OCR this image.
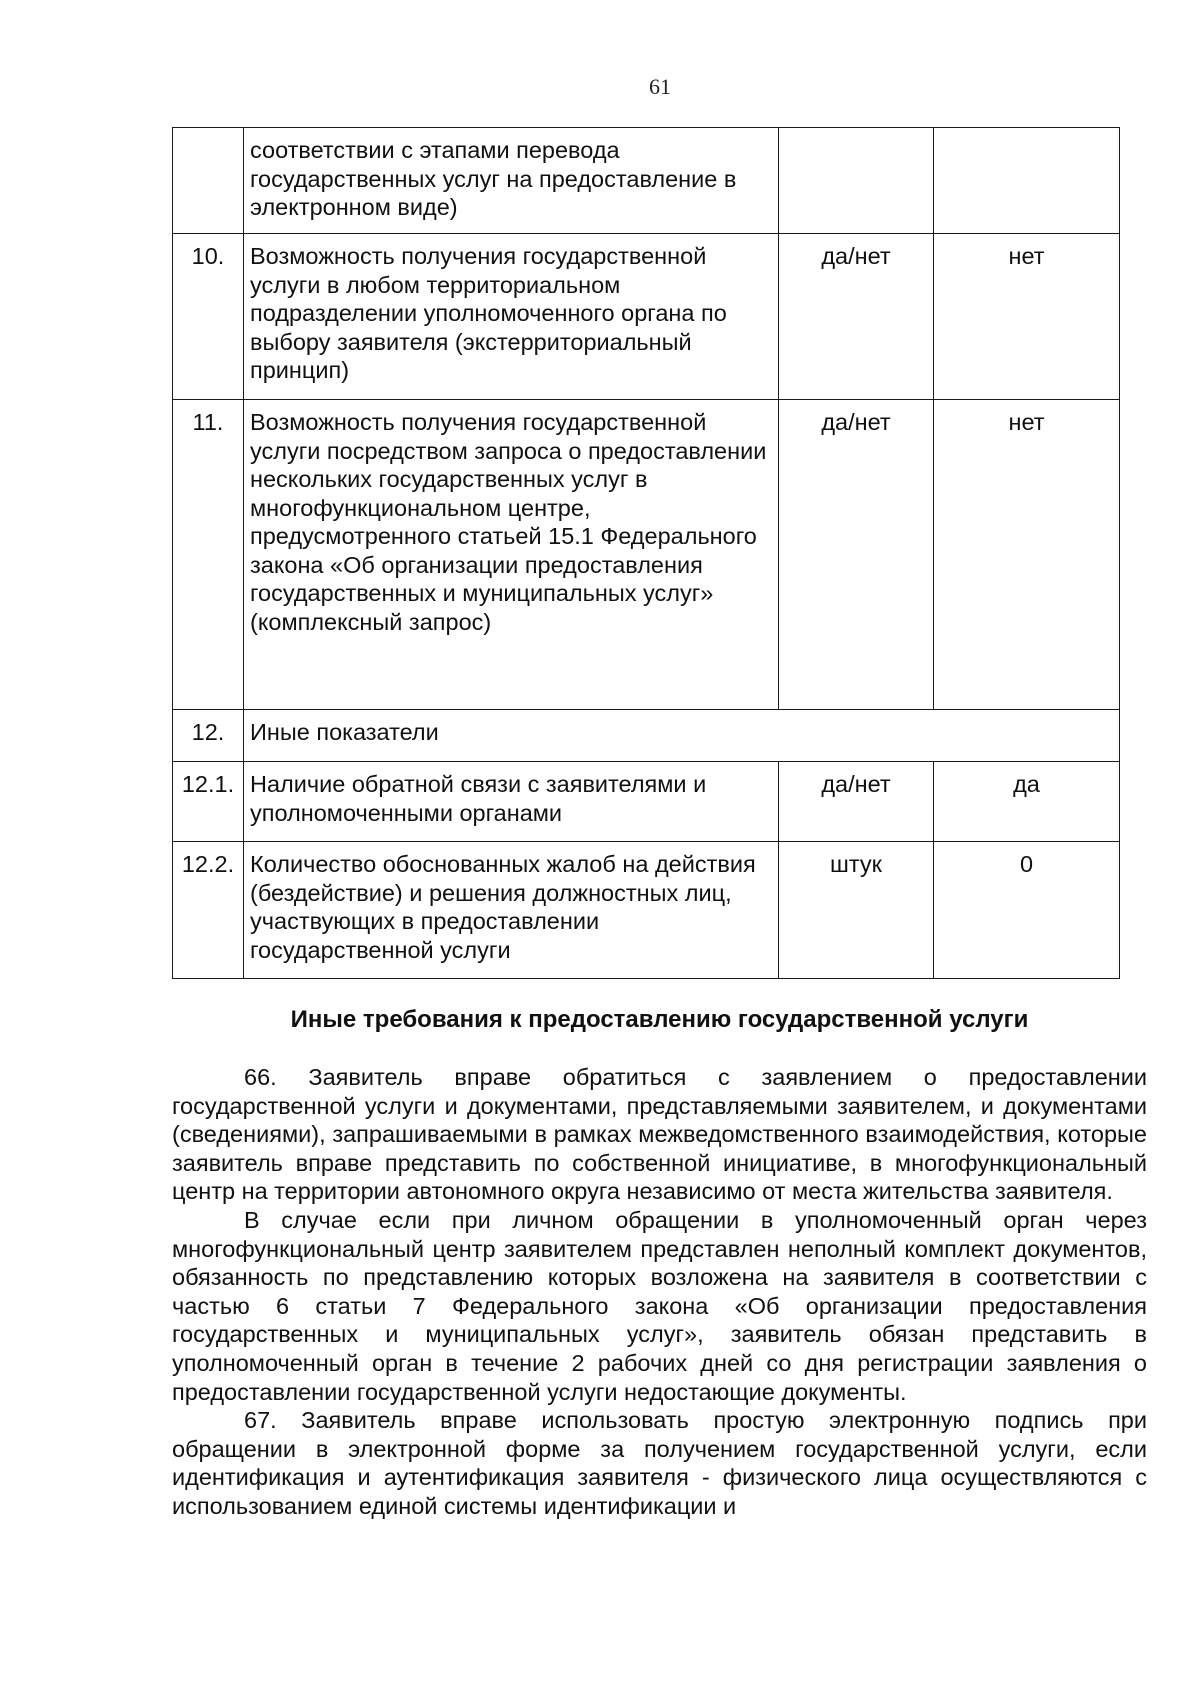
61
	соответствии с этапами перевода государственных услуг на предоставление в электронном виде)		
10.	Возможность получения государственной услуги в любом территориальном подразделении уполномоченного органа по выбору заявителя (экстерриториальный принцип)	да/нет	нет
11.	Возможность получения государственной услуги посредством запроса о предоставлении нескольких государственных услуг в многофункциональном центре, предусмотренного статьей 15.1 Федерального закона «Об организации предоставления государственных и муниципальных услуг» (комплексный запрос)	да/нет	нет
12.	Иные показатели		
12.1.	Наличие обратной связи с заявителями и уполномоченными органами	да/нет	да
12.2.	Количество обоснованных жалоб на действия (бездействие) и решения должностных лиц, участвующих в предоставлении государственной услуги	штук	0
Иные требования к предоставлению государственной услуги

66. Заявитель вправе обратиться с заявлением о предоставлении государственной услуги и документами, представляемыми заявителем, и документами (сведениями), запрашиваемыми в рамках межведомственного взаимодействия, которые заявитель вправе представить по собственной инициативе, в многофункциональный центр на территории автономного округа независимо от места жительства заявителя.

В случае если при личном обращении в уполномоченный орган через многофункциональный центр заявителем представлен неполный комплект документов, обязанность по представлению которых возложена на заявителя в соответствии с частью 6 статьи 7 Федерального закона «Об организации предоставления государственных и муниципальных услуг», заявитель обязан представить в уполномоченный орган в течение 2 рабочих дней со дня регистрации заявления о предоставлении государственной услуги недостающие документы.

67. Заявитель вправе использовать простую электронную подпись при обращении в электронной форме за получением государственной услуги, если идентификация и аутентификация заявителя - физического лица осуществляются с использованием единой системы идентификации и
